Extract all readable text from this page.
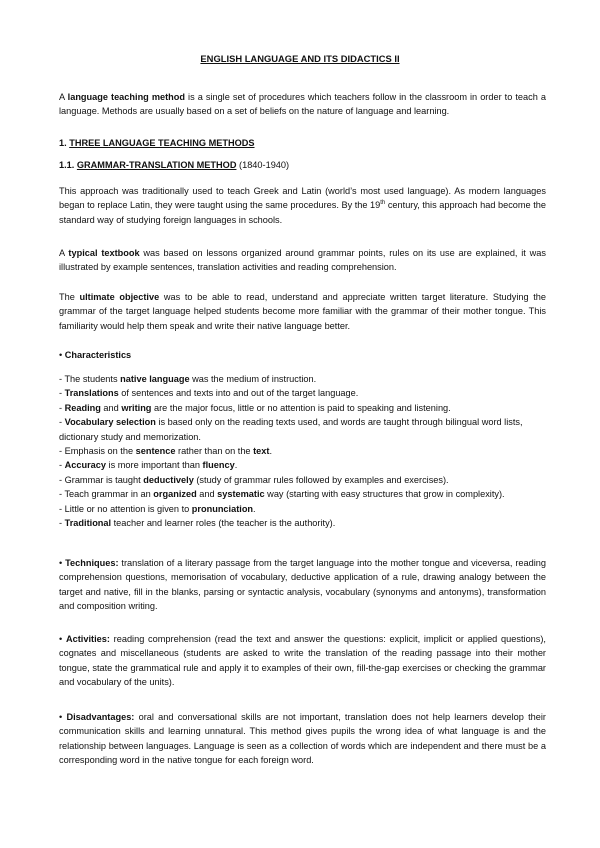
ENGLISH LANGUAGE AND ITS DIDACTICS II

A language teaching method is a single set of procedures which teachers follow in the classroom in order to teach a language. Methods are usually based on a set of beliefs on the nature of language and learning.

1. THREE LANGUAGE TEACHING METHODS
1.1. GRAMMAR-TRANSLATION METHOD (1840-1940)

This approach was traditionally used to teach Greek and Latin (world’s most used language). As modern languages began to replace Latin, they were taught using the same procedures. By the 19th century, this approach had become the standard way of studying foreign languages in schools.

A typical textbook was based on lessons organized around grammar points, rules on its use are explained, it was illustrated by example sentences, translation activities and reading comprehension.

The ultimate objective was to be able to read, understand and appreciate written target literature. Studying the grammar of the target language helped students become more familiar with the grammar of their mother tongue. This familiarity would help them speak and write their native language better.

• Characteristics
- The students native language was the medium of instruction.
- Translations of sentences and texts into and out of the target language.
- Reading and writing are the major focus, little or no attention is paid to speaking and listening.
- Vocabulary selection is based only on the reading texts used, and words are taught through bilingual word lists, dictionary study and memorization.
- Emphasis on the sentence rather than on the text.
- Accuracy is more important than fluency.
- Grammar is taught deductively (study of grammar rules followed by examples and exercises).
- Teach grammar in an organized and systematic way (starting with easy structures that grow in complexity).
- Little or no attention is given to pronunciation.
- Traditional teacher and learner roles (the teacher is the authority).

• Techniques: translation of a literary passage from the target language into the mother tongue and viceversa, reading comprehension questions, memorisation of vocabulary, deductive application of a rule, drawing analogy between the target and native, fill in the blanks, parsing or syntactic analysis, vocabulary (synonyms and antonyms), transformation and composition writing.

• Activities: reading comprehension (read the text and answer the questions: explicit, implicit or applied questions), cognates and miscellaneous (students are asked to write the translation of the reading passage into their mother tongue, state the grammatical rule and apply it to examples of their own, fill-the-gap exercises or checking the grammar and vocabulary of the units).

• Disadvantages: oral and conversational skills are not important, translation does not help learners develop their communication skills and learning unnatural. This method gives pupils the wrong idea of what language is and the relationship between languages. Language is seen as a collection of words which are independent and there must be a corresponding word in the native tongue for each foreign word.
